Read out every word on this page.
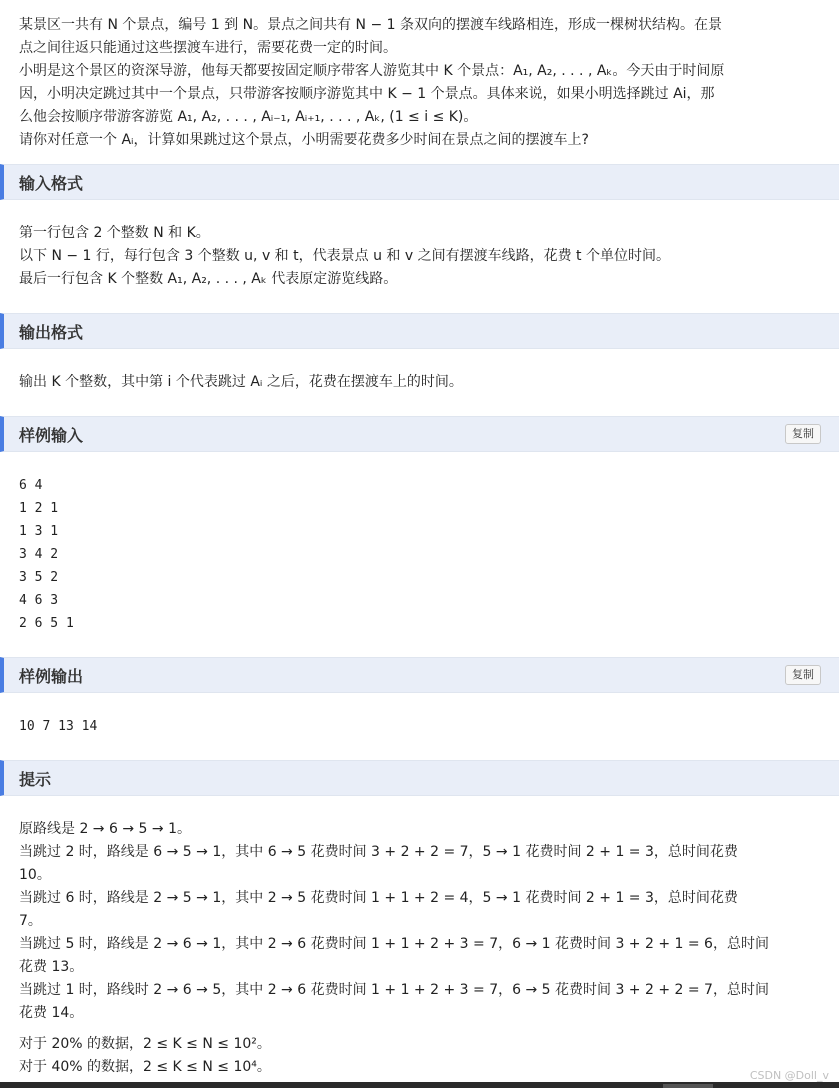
某景区一共有 N 个景点，编号 1 到 N。景点之间共有 N − 1 条双向的摆渡车线路相连，形成一棵树状结构。在景

点之间往返只能通过这些摆渡车进行，需要花费一定的时间。

小明是这个景区的资深导游，他每天都要按固定顺序带客人游览其中 K 个景点：A₁, A₂, . . . , Aₖ。今天由于时间原

因，小明决定跳过其中一个景点，只带游客按顺序游览其中 K − 1 个景点。具体来说，如果小明选择跳过 Ai，那

么他会按顺序带游客游览 A₁, A₂, . . . , Aᵢ₋₁, Aᵢ₊₁, . . . , Aₖ, (1 ≤ i ≤ K)。

请你对任意一个 Aᵢ，计算如果跳过这个景点，小明需要花费多少时间在景点之间的摆渡车上?

输入格式

第一行包含 2 个整数 N 和 K。

以下 N − 1 行，每行包含 3 个整数 u, v 和 t，代表景点 u 和 v 之间有摆渡车线路，花费 t 个单位时间。

最后一行包含 K 个整数 A₁, A₂, . . . , Aₖ 代表原定游览线路。

输出格式

输出 K 个整数，其中第 i 个代表跳过 Aᵢ 之后，花费在摆渡车上的时间。

样例输入	复制
6 4
1 2 1
1 3 1
3 4 2
3 5 2
4 6 3
2 6 5 1
样例输出	复制
10 7 13 14
提示

原路线是 2 → 6 → 5 → 1。

当跳过 2 时，路线是 6 → 5 → 1，其中 6 → 5 花费时间 3 + 2 + 2 = 7，5 → 1 花费时间 2 + 1 = 3，总时间花费

10。

当跳过 6 时，路线是 2 → 5 → 1，其中 2 → 5 花费时间 1 + 1 + 2 = 4，5 → 1 花费时间 2 + 1 = 3，总时间花费

7。

当跳过 5 时，路线是 2 → 6 → 1，其中 2 → 6 花费时间 1 + 1 + 2 + 3 = 7，6 → 1 花费时间 3 + 2 + 1 = 6，总时间

花费 13。

当跳过 1 时，路线时 2 → 6 → 5，其中 2 → 6 花费时间 1 + 1 + 2 + 3 = 7，6 → 5 花费时间 3 + 2 + 2 = 7，总时间

花费 14。

对于 20% 的数据，2 ≤ K ≤ N ≤ 10²。

对于 40% 的数据，2 ≤ K ≤ N ≤ 10⁴。

CSDN @Doll_v
